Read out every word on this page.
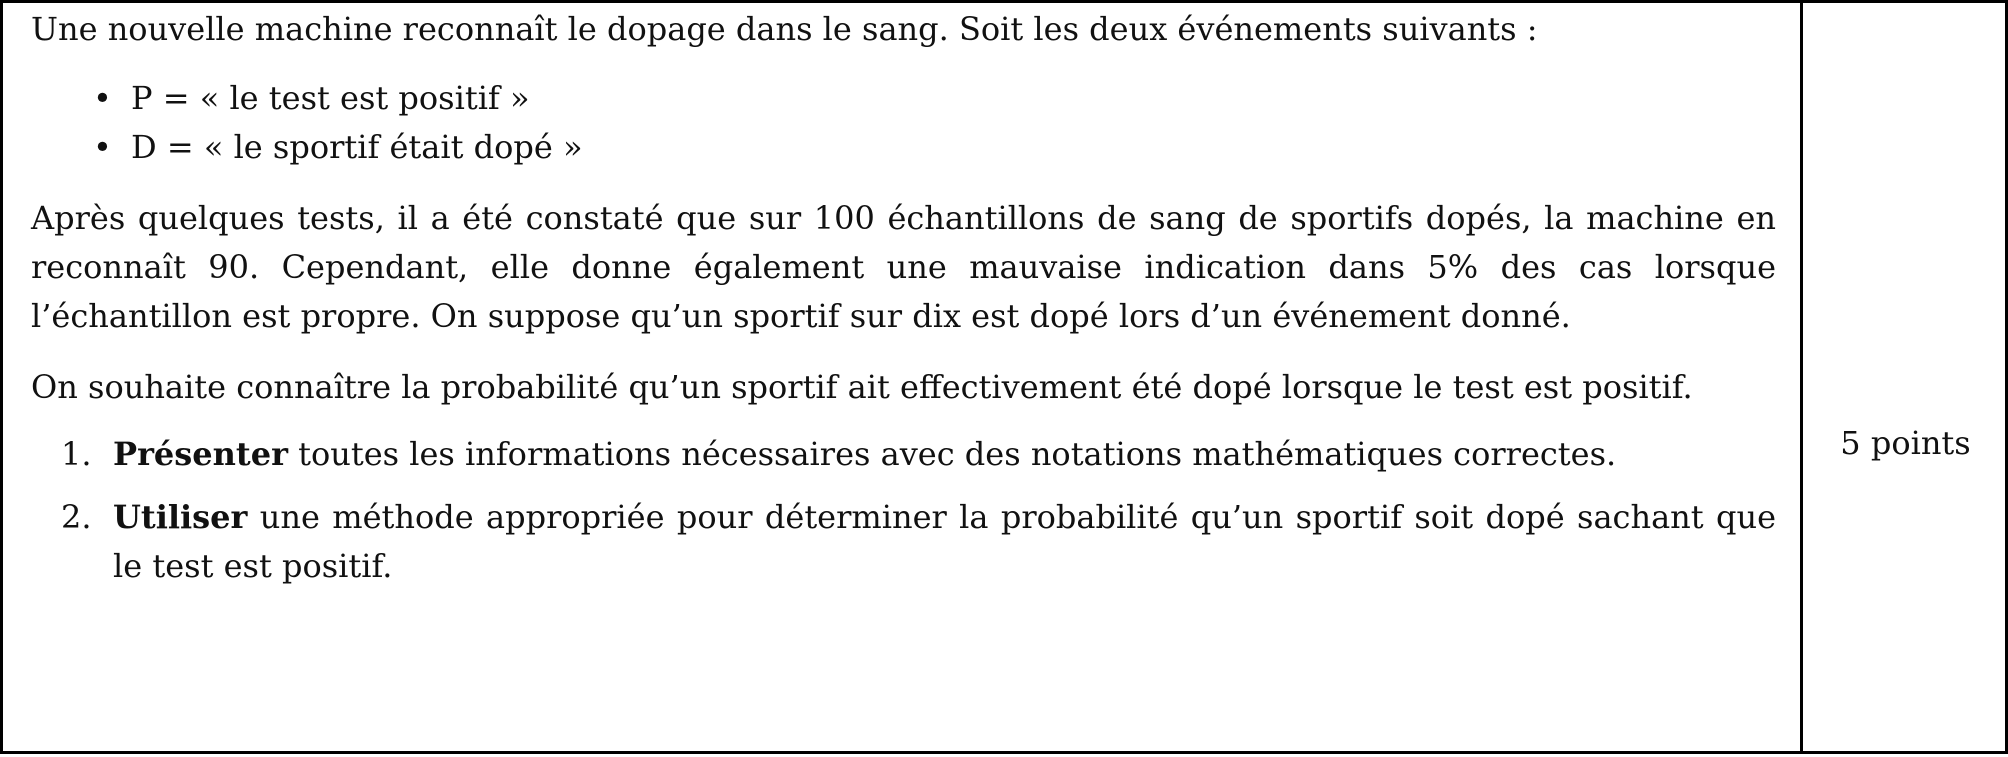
Une nouvelle machine reconnaît le dopage dans le sang. Soit les deux événements suivants :

• P = « le test est positif »
• D = « le sportif était dopé »

Après quelques tests, il a été constaté que sur 100 échantillons de sang de sportifs dopés, la machine en reconnaît 90. Cependant, elle donne également une mauvaise indication dans 5% des cas lorsque l’échantillon est propre. On suppose qu’un sportif sur dix est dopé lors d’un événement donné.

On souhaite connaître la probabilité qu’un sportif ait effectivement été dopé lorsque le test est positif.

1. Présenter toutes les informations nécessaires avec des notations mathématiques correctes.
2. Utiliser une méthode appropriée pour déterminer la probabilité qu’un sportif soit dopé sachant que le test est positif.
5 points
